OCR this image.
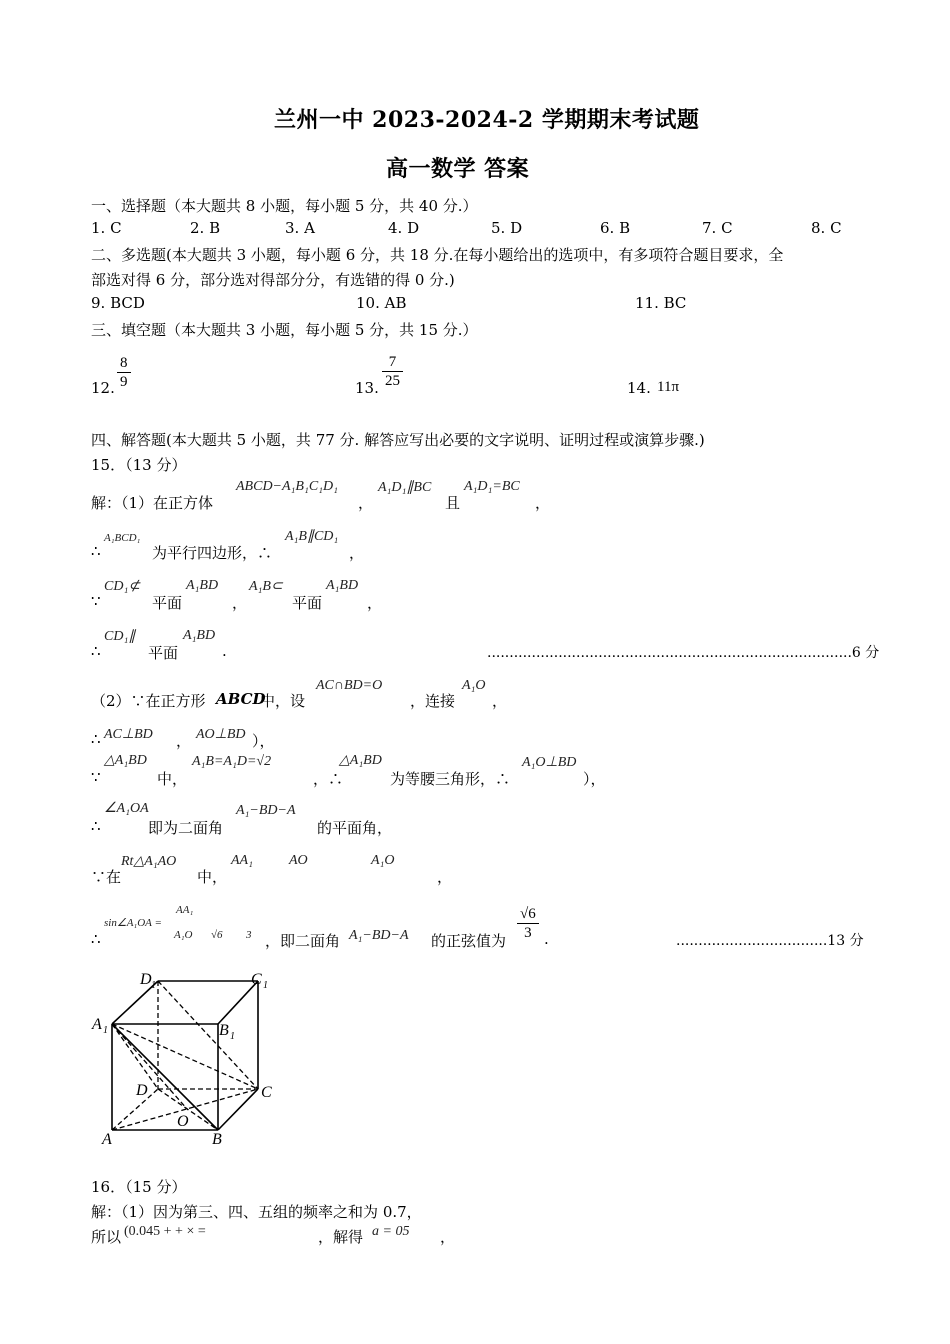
兰州一中 2023-2024-2 学期期末考试题
高一数学 答案
一、选择题（本大题共 8 小题，每小题 5 分，共 40 分.）
1. C	2. B	3. A	4. D	5. D	6. B	7. C	8. C
二、多选题(本大题共 3 小题，每小题 6 分，共 18 分.在每小题给出的选项中，有多项符合题目要求，全
部选对得 6 分，部分选对得部分分，有选错的得 0 分.)
9. BCD	10. AB	11. BC
三、填空题（本大题共 3 小题，每小题 5 分，共 15 分.）
12. $\frac{8}{9}$	13. $\frac{7}{25}$	14. 11π
四、解答题(本大题共 5 小题，共 77 分. 解答应写出必要的文字说明、证明过程或演算步骤.)
15．（13 分）
解：（1）在正方体
ABCD−A₁B₁C₁D₁
，
A₁D₁∥BC
且
A₁D₁=BC
，
∴
A₁BCD₁
为平行四边形，∴
A₁B∥CD₁
，
∵
CD₁⊄
平面
A₁BD
，
A₁B⊂
平面
A₁BD
，
∴
CD₁∥
平面
A₁BD
.	..................................................................................6 分
（2）∵在正方形 ABCD
中，设
AC∩BD=O
，连接
A₁O
，
∴ AC⊥BD ， AO⊥BD ），
∵
△A₁BD
中，
A₁B=A₁D=√2
，∴
△A₁BD
为等腰三角形，∴
A₁O⊥BD
），
∴
∠A₁OA
即为二面角
A₁−BD−A
的平面角，
∵在
Rt△A₁AO
中，
AA₁	AO	A₁O
，
∴
sin∠A₁OA =
AA₁
A₁O √6 3 ，即二面角 A₁−BD−A 的正弦值为 $\frac{√6}{3}$ .	..................................13 分
D 1	C 1
A 1	B 1
D	C
O
A	B
16．（15 分）
解：（1）因为第三、四、五组的频率之和为 0.7，
所以 (0.045 + + × =	，解得 a = 05 ，
